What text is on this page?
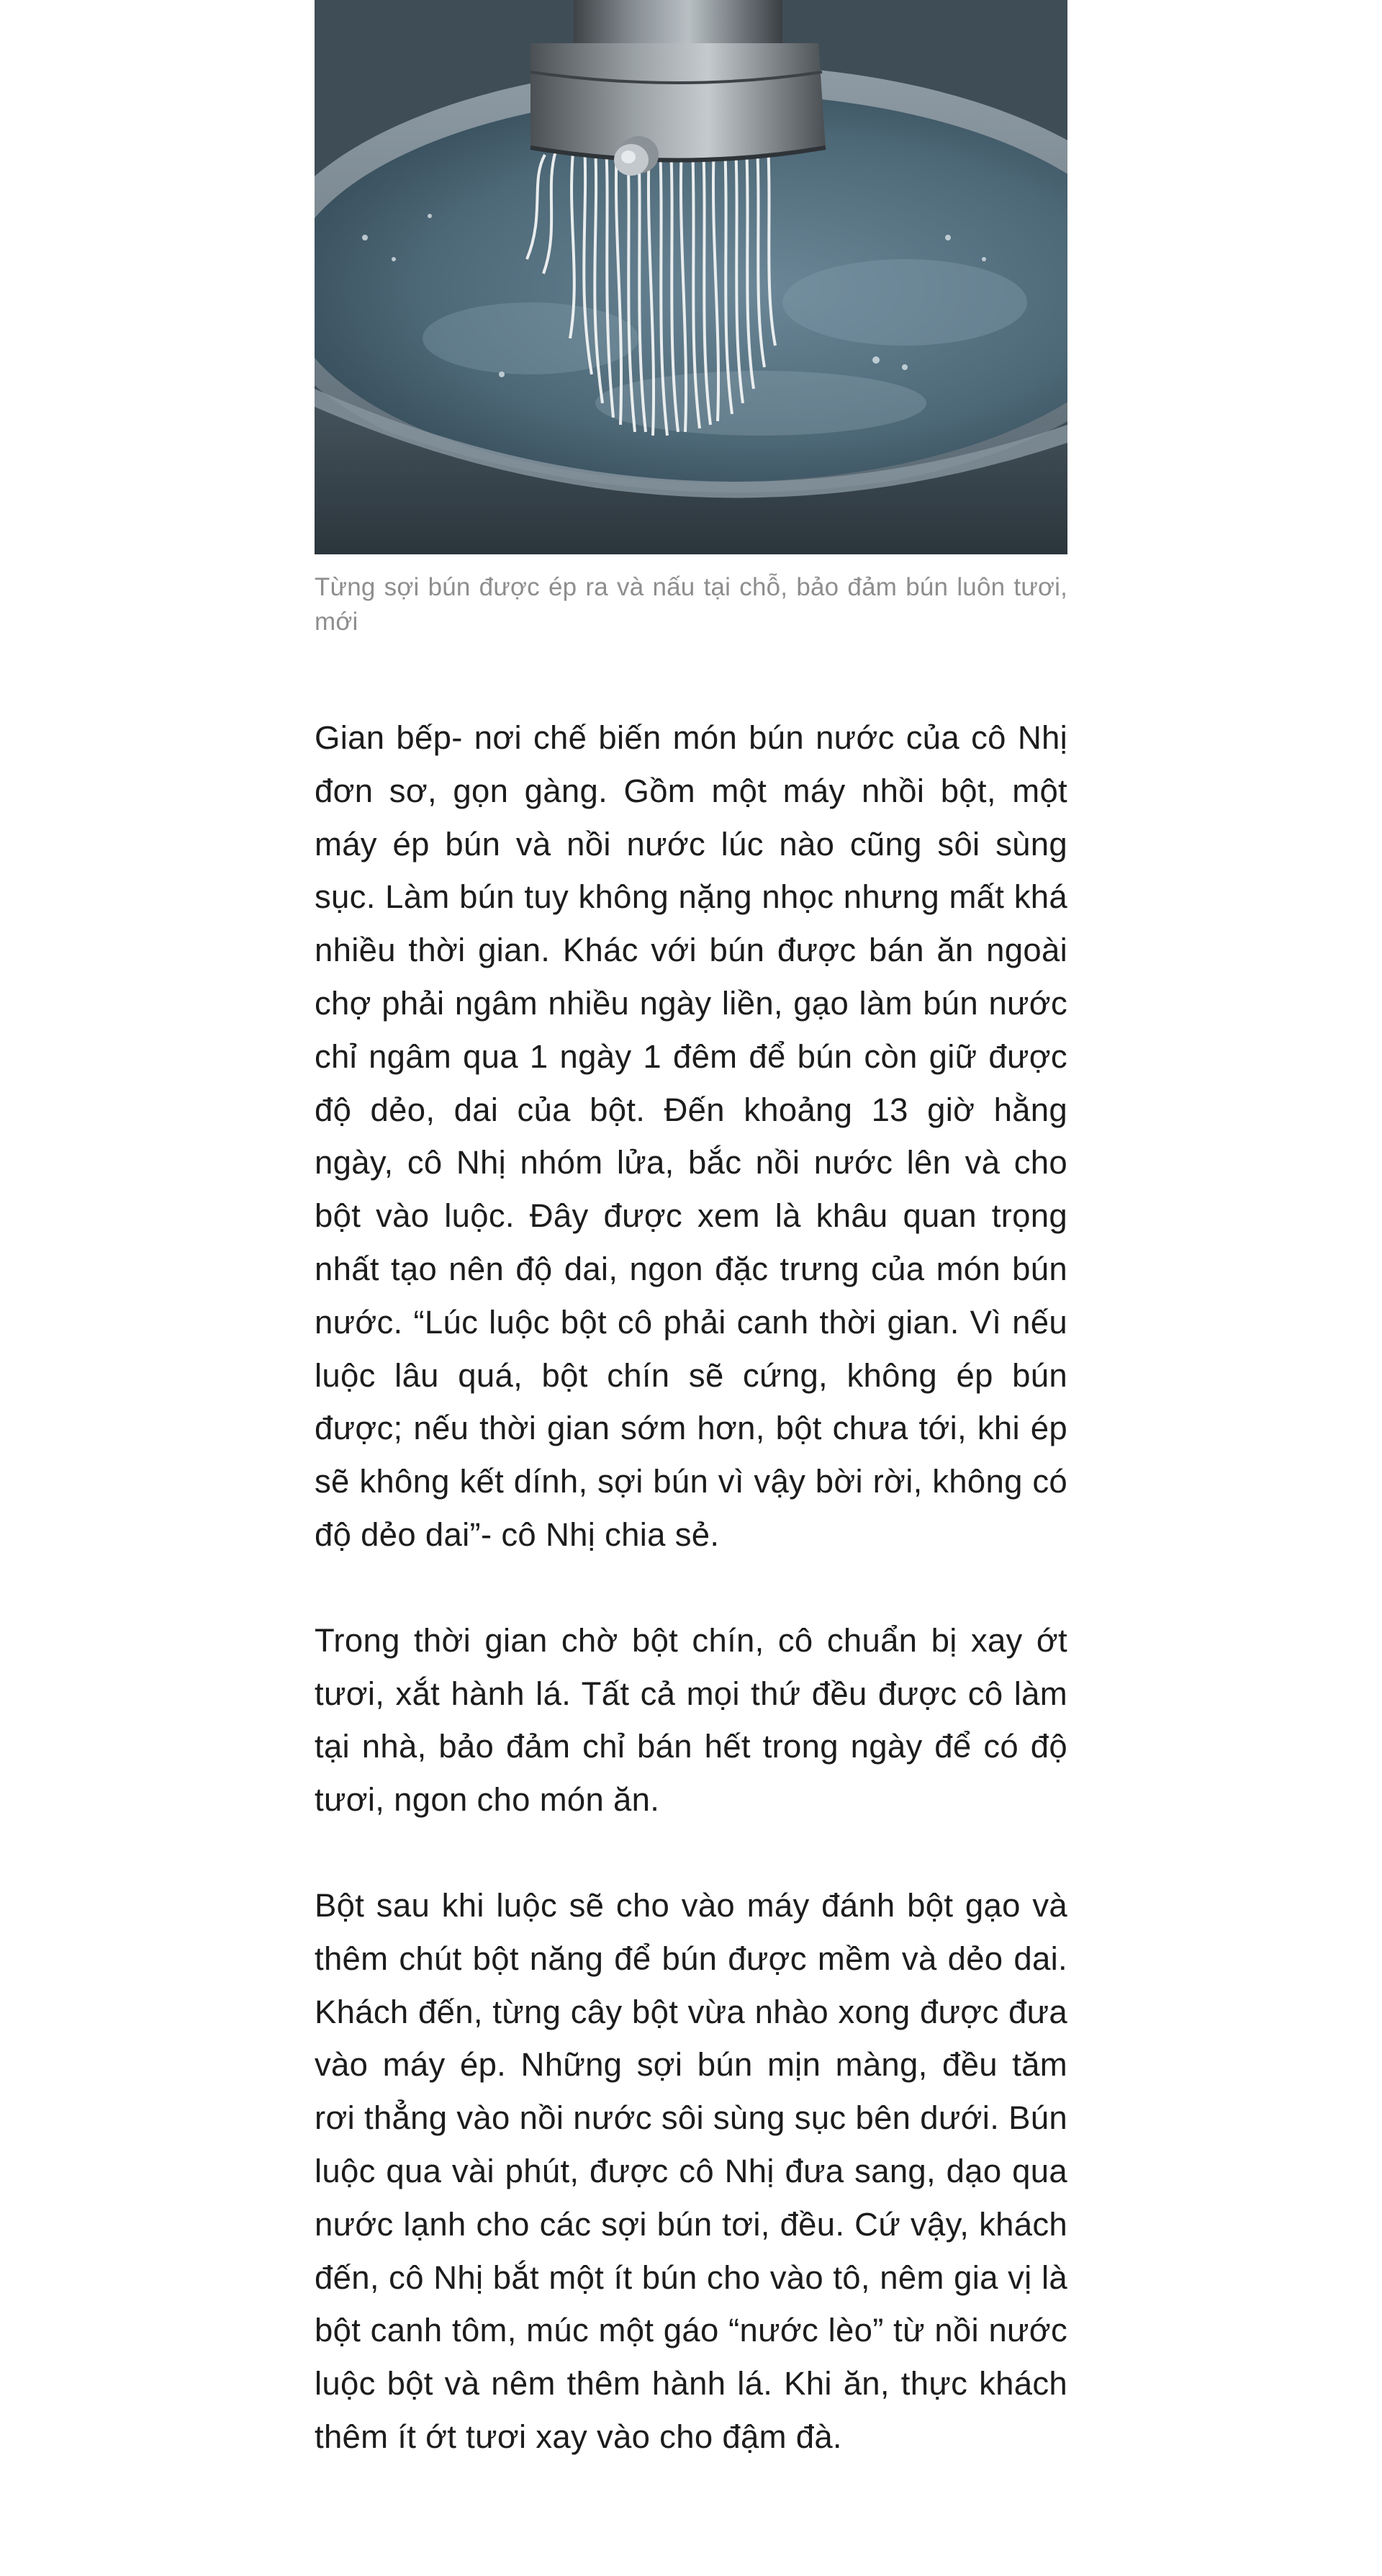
Từng sợi bún được ép ra và nấu tại chỗ, bảo đảm bún luôn tươi, mới

Gian bếp- nơi chế biến món bún nước của cô Nhị đơn sơ, gọn gàng. Gồm một máy nhồi bột, một máy ép bún và nồi nước lúc nào cũng sôi sùng sục. Làm bún tuy không nặng nhọc nhưng mất khá nhiều thời gian. Khác với bún được bán ăn ngoài chợ phải ngâm nhiều ngày liền, gạo làm bún nước chỉ ngâm qua 1 ngày 1 đêm để bún còn giữ được độ dẻo, dai của bột. Đến khoảng 13 giờ hằng ngày, cô Nhị nhóm lửa, bắc nồi nước lên và cho bột vào luộc. Đây được xem là khâu quan trọng nhất tạo nên độ dai, ngon đặc trưng của món bún nước. “Lúc luộc bột cô phải canh thời gian. Vì nếu luộc lâu quá, bột chín sẽ cứng, không ép bún được; nếu thời gian sớm hơn, bột chưa tới, khi ép sẽ không kết dính, sợi bún vì vậy bời rời, không có độ dẻo dai”- cô Nhị chia sẻ.

Trong thời gian chờ bột chín, cô chuẩn bị xay ớt tươi, xắt hành lá. Tất cả mọi thứ đều được cô làm tại nhà, bảo đảm chỉ bán hết trong ngày để có độ tươi, ngon cho món ăn.

Bột sau khi luộc sẽ cho vào máy đánh bột gạo và thêm chút bột năng để bún được mềm và dẻo dai. Khách đến, từng cây bột vừa nhào xong được đưa vào máy ép. Những sợi bún mịn màng, đều tăm rơi thẳng vào nồi nước sôi sùng sục bên dưới. Bún luộc qua vài phút, được cô Nhị đưa sang, dạo qua nước lạnh cho các sợi bún tơi, đều. Cứ vậy, khách đến, cô Nhị bắt một ít bún cho vào tô, nêm gia vị là bột canh tôm, múc một gáo “nước lèo” từ nồi nước luộc bột và nêm thêm hành lá. Khi ăn, thực khách thêm ít ớt tươi xay vào cho đậm đà.
